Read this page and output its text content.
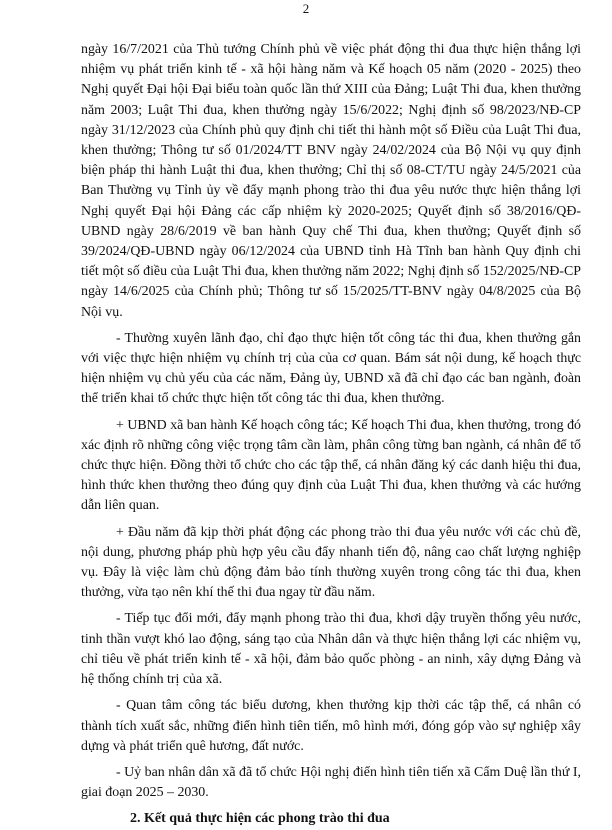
2

ngày 16/7/2021 của Thủ tướng Chính phủ về việc phát động thi đua thực hiện thắng lợi nhiệm vụ phát triển kinh tế - xã hội hàng năm và Kế hoạch 05 năm (2020 - 2025) theo Nghị quyết Đại hội Đại biểu toàn quốc lần thứ XIII của Đảng; Luật Thi đua, khen thưởng năm 2003; Luật Thi đua, khen thưởng ngày 15/6/2022; Nghị định số 98/2023/NĐ-CP ngày 31/12/2023 của Chính phủ quy định chi tiết thi hành một số Điều của Luật Thi đua, khen thưởng; Thông tư số 01/2024/TT BNV ngày 24/02/2024 của Bộ Nội vụ quy định biện pháp thi hành Luật thi đua, khen thưởng; Chỉ thị số 08-CT/TU ngày 24/5/2021 của Ban Thường vụ Tỉnh ủy về đẩy mạnh phong trào thi đua yêu nước thực hiện thắng lợi Nghị quyết Đại hội Đảng các cấp nhiệm kỳ 2020-2025; Quyết định số 38/2016/QĐ-UBND ngày 28/6/2019 về ban hành Quy chế Thi đua, khen thưởng; Quyết định số 39/2024/QĐ-UBND ngày 06/12/2024 của UBND tỉnh Hà Tĩnh ban hành Quy định chi tiết một số điều của Luật Thi đua, khen thưởng năm 2022; Nghị định số 152/2025/NĐ-CP ngày 14/6/2025 của Chính phủ; Thông tư số 15/2025/TT-BNV ngày 04/8/2025 của Bộ Nội vụ.

- Thường xuyên lãnh đạo, chỉ đạo thực hiện tốt công tác thi đua, khen thưởng gắn với việc thực hiện nhiệm vụ chính trị của của cơ quan. Bám sát nội dung, kế hoạch thực hiện nhiệm vụ chủ yếu của các năm, Đảng ủy, UBND xã đã chỉ đạo các ban ngành, đoàn thể triển khai tổ chức thực hiện tốt công tác thi đua, khen thưởng.

+ UBND xã ban hành Kế hoạch công tác; Kế hoạch Thi đua, khen thưởng, trong đó xác định rõ những công việc trọng tâm cần làm, phân công từng ban ngành, cá nhân để tổ chức thực hiện. Đồng thời tổ chức cho các tập thể, cá nhân đăng ký các danh hiệu thi đua, hình thức khen thưởng theo đúng quy định của Luật Thi đua, khen thưởng và các hướng dẫn liên quan.

+ Đầu năm đã kịp thời phát động các phong trào thi đua yêu nước với các chủ đề, nội dung, phương pháp phù hợp yêu cầu đẩy nhanh tiến độ, nâng cao chất lượng nghiệp vụ. Đây là việc làm chủ động đảm bảo tính thường xuyên trong công tác thi đua, khen thưởng, vừa tạo nên khí thế thi đua ngay từ đầu năm.

- Tiếp tục đổi mới, đẩy mạnh phong trào thi đua, khơi dậy truyền thống yêu nước, tinh thần vượt khó lao động, sáng tạo của Nhân dân và thực hiện thắng lợi các nhiệm vụ, chỉ tiêu về phát triển kinh tế - xã hội, đảm bảo quốc phòng - an ninh, xây dựng Đảng và hệ thống chính trị của xã.

- Quan tâm công tác biểu dương, khen thưởng kịp thời các tập thể, cá nhân có thành tích xuất sắc, những điển hình tiên tiến, mô hình mới, đóng góp vào sự nghiệp xây dựng và phát triển quê hương, đất nước.

- Uỷ ban nhân dân xã đã tổ chức Hội nghị điển hình tiên tiến xã Cẩm Duệ lần thứ I, giai đoạn 2025 – 2030.

2. Kết quả thực hiện các phong trào thi đua
